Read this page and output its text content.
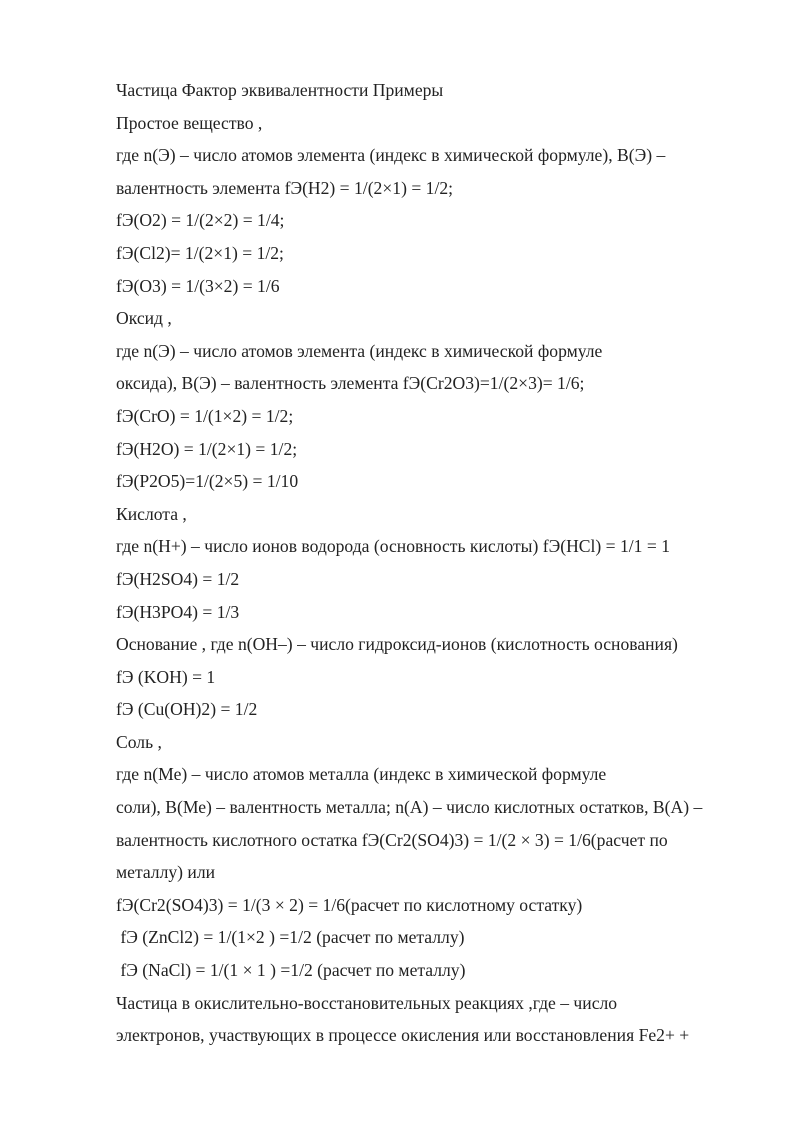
Частица Фактор эквивалентности Примеры
Простое вещество ,
где n(Э) – число атомов элемента (индекс в химической формуле), В(Э) –
валентность элемента fЭ(H2) = 1/(2×1) = 1/2;
fЭ(O2) = 1/(2×2) = 1/4;
fЭ(Cl2)= 1/(2×1) = 1/2;
fЭ(O3) = 1/(3×2) = 1/6
Оксид ,
где n(Э) – число атомов элемента (индекс в химической формуле
оксида), В(Э) – валентность элемента fЭ(Cr2O3)=1/(2×3)= 1/6;
fЭ(CrO) = 1/(1×2) = 1/2;
fЭ(H2O) = 1/(2×1) = 1/2;
fЭ(P2O5)=1/(2×5) = 1/10
Кислота ,
где n(H+) – число ионов водорода (основность кислоты) fЭ(HCl) = 1/1 = 1
fЭ(H2SO4) = 1/2
fЭ(H3PO4) = 1/3
Основание , где n(OH–) – число гидроксид-ионов (кислотность основания)
fЭ (KOH) = 1
fЭ (Cu(OH)2) = 1/2
Соль ,
где n(Ме) – число атомов металла (индекс в химической формуле
соли), В(Ме) – валентность металла; n(А) – число кислотных остатков, В(А) –
валентность кислотного остатка fЭ(Cr2(SO4)3) = 1/(2 × 3) = 1/6(расчет по
металлу) или
fЭ(Cr2(SO4)3) = 1/(3 × 2) = 1/6(расчет по кислотному остатку)
fЭ (ZnCl2) = 1/(1×2 ) =1/2 (расчет по металлу)
fЭ (NaCl) = 1/(1 × 1 ) =1/2 (расчет по металлу)
Частица в окислительно-восстановительных реакциях ,где – число
электронов, участвующих в процессе окисления или восстановления Fe2+ +
